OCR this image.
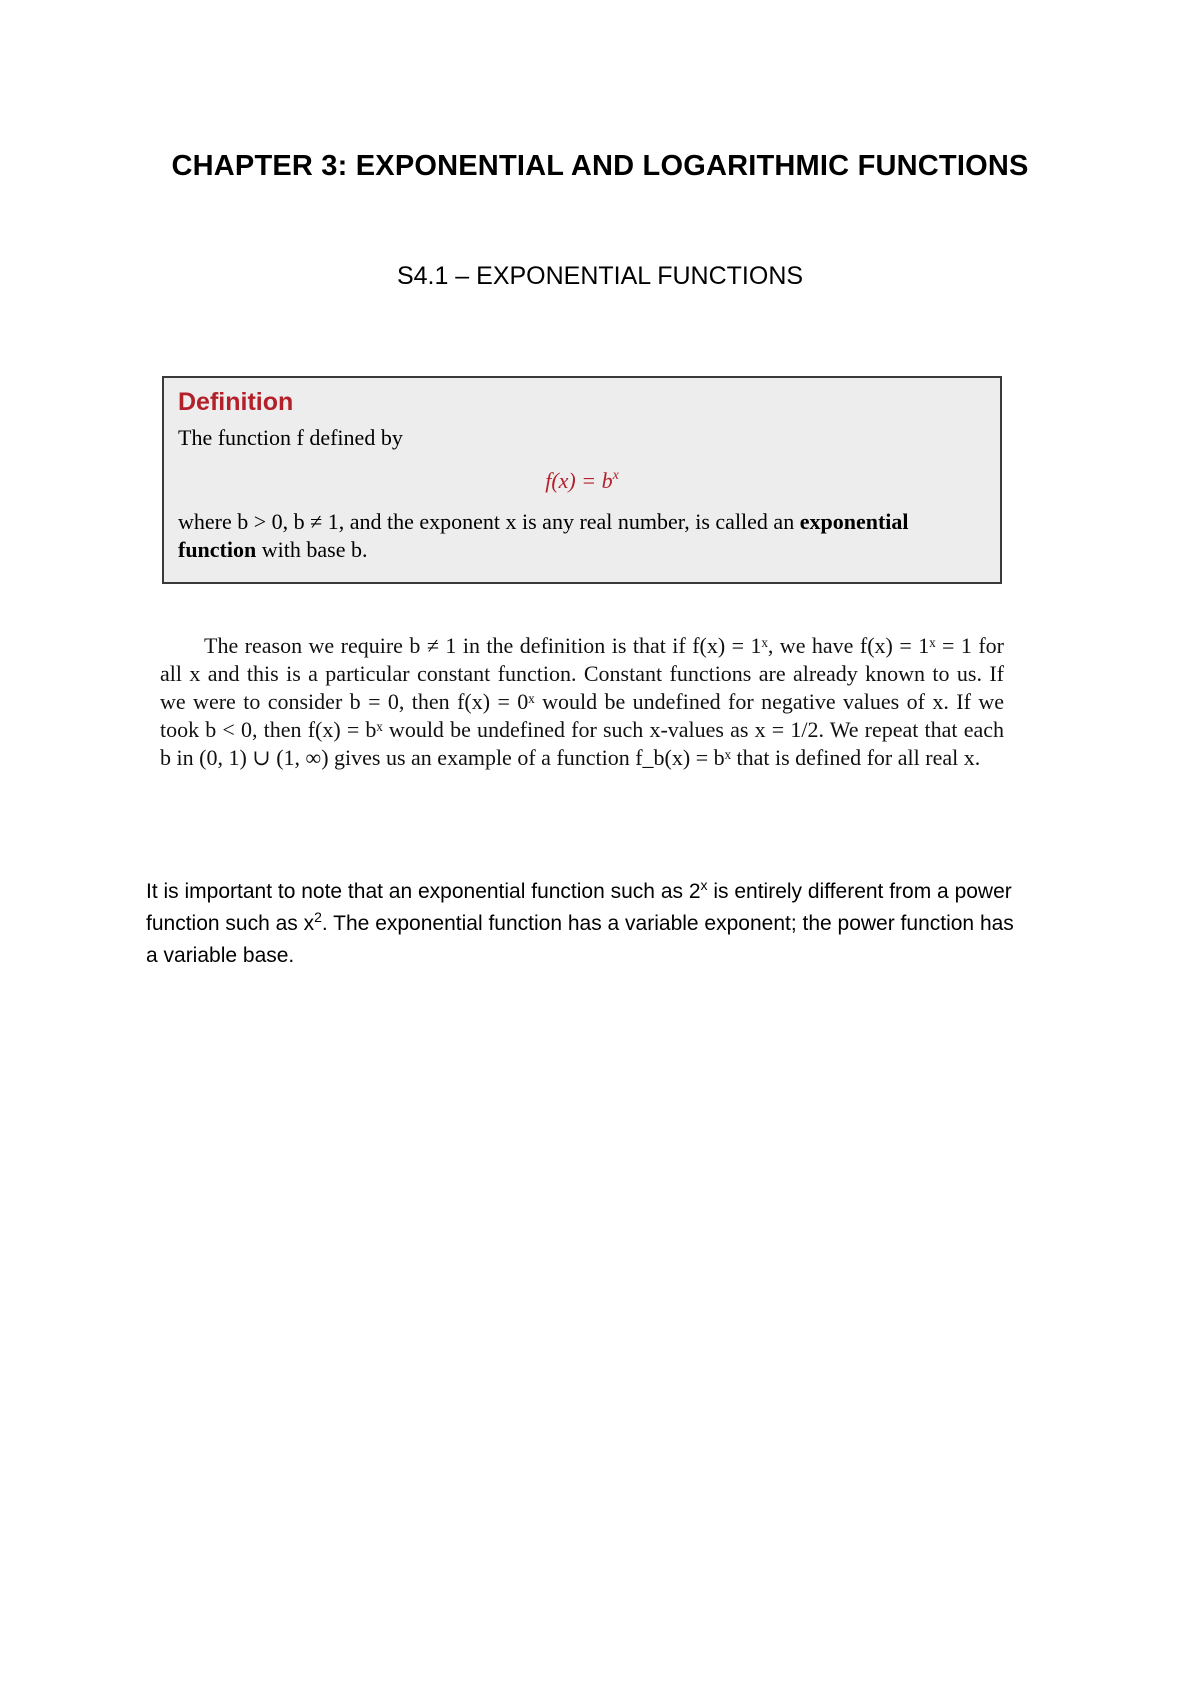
CHAPTER 3: EXPONENTIAL AND LOGARITHMIC FUNCTIONS
S4.1 – EXPONENTIAL FUNCTIONS
Definition
The function f defined by
$f(x) = b^x$
where b > 0, b ≠ 1, and the exponent x is any real number, is called an exponential function with base b.

The reason we require b ≠ 1 in the definition is that if f(x) = 1ˣ, we have f(x) = 1ˣ = 1 for all x and this is a particular constant function. Constant functions are already known to us. If we were to consider b = 0, then f(x) = 0ˣ would be undefined for negative values of x. If we took b < 0, then f(x) = bˣ would be undefined for such x-values as x = 1/2. We repeat that each b in (0, 1) ∪ (1, ∞) gives us an example of a function f_b(x) = bˣ that is defined for all real x.

It is important to note that an exponential function such as 2$^x$ is entirely different from a power function such as $x^2$. The exponential function has a variable exponent; the power function has a variable base.
